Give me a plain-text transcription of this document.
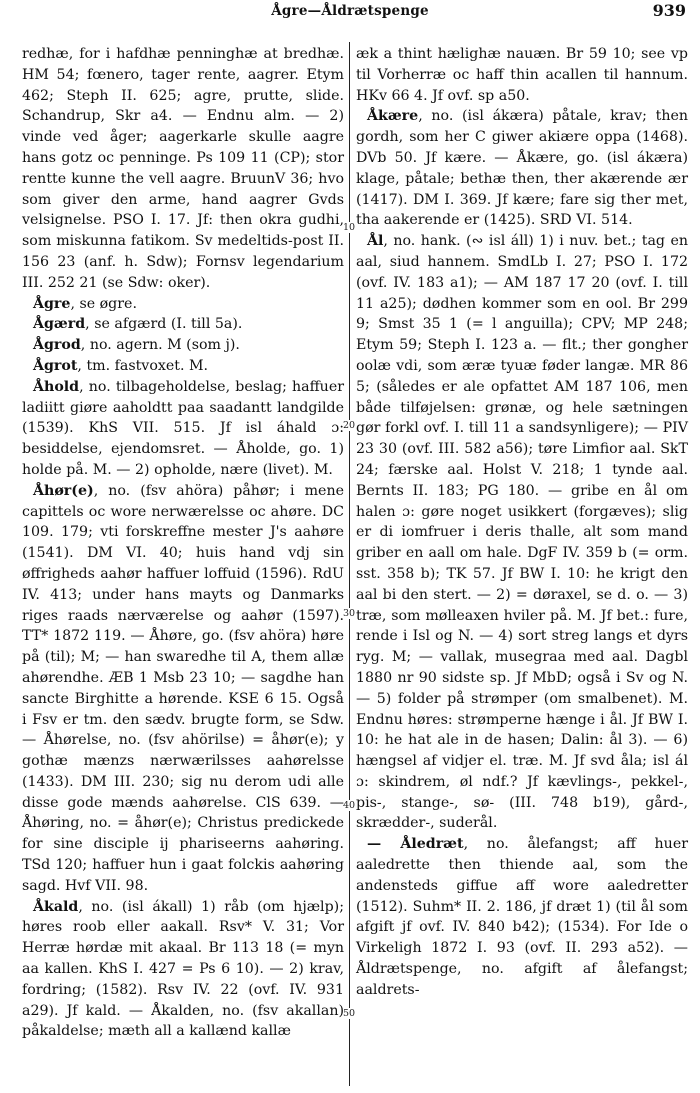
Ågre—Åldrætspenge	939
10
20
30
40
50

redhæ, for i hafdhæ penninghæ at bredhæ. HM 54; fœnero, tager rente, aagrer. Etym 462; Steph II. 625; agre, prutte, slide. Schandrup, Skr a4. — Endnu alm. — 2) vinde ved åger; aagerkarle skulle aagre hans gotz oc penninge. Ps 109 11 (CP); stor rentte kunne the vell aagre. BruunV 36; hvo som giver den arme, hand aagrer Gvds velsignelse. PSO I. 17. Jf: then okra gudhi, som miskunna fatikom. Sv medeltids-post II. 156 23 (anf. h. Sdw); Fornsv legendarium III. 252 21 (se Sdw: oker).

Ågre, se øgre.

Ågærd, se afgærd (I. till 5a).

Ågrod, no. agern. M (som j).

Ågrot, tm. fastvoxet. M.

Åhold, no. tilbageholdelse, beslag; haffuer ladiitt giøre aaholdtt paa saadantt landgilde (1539). KhS VII. 515. Jf isl áhald ɔ: besiddelse, ejendomsret. — Åholde, go. 1) holde på. M. — 2) opholde, nære (livet). M.

Åhør(e), no. (fsv ahöra) påhør; i mene capittels oc wore nerwærelsse oc ahøre. DC 109. 179; vti forskreffne mester J's aahøre (1541). DM VI. 40; huis hand vdj sin øffrigheds aahør haffuer loffuid (1596). RdU IV. 413; under hans mayts og Danmarks riges raads nærværelse og aahør (1597). TT* 1872 119. — Åhøre, go. (fsv ahöra) høre på (til); M; — han swaredhe til A, them allæ ahørendhe. ÆB 1 Msb 23 10; — sagdhe han sancte Birghitte a hørende. KSE 6 15. Også i Fsv er tm. den sædv. brugte form, se Sdw. — Åhørelse, no. (fsv ahörilse) = åhør(e); y gothæ mænzs nærwærilsses aahørelsse (1433). DM III. 230; sig nu derom udi alle disse gode mænds aahørelse. ClS 639. — Åhøring, no. = åhør(e); Christus predickede for sine disciple ij phariseerns aahøring. TSd 120; haffuer hun i gaat folckis aahøring sagd. Hvf VII. 98.

Åkald, no. (isl ákall) 1) råb (om hjælp); høres roob eller aakall. Rsv* V. 31; Vor Herræ hørdæ mit akaal. Br 113 18 (= myn aa kallen. KhS I. 427 = Ps 6 10). — 2) krav, fordring; (1582). Rsv IV. 22 (ovf. IV. 931 a29). Jf kald. — Åkalden, no. (fsv akallan) påkaldelse; mæth all a kallænd kallæ

æk a thint hælighæ nauæn. Br 59 10; see vp til Vorherræ oc haff thin acallen til hannum. HKv 66 4. Jf ovf. sp a50.

Åkære, no. (isl ákæra) påtale, krav; then gordh, som her C giwer akiære oppa (1468). DVb 50. Jf kære. — Åkære, go. (isl ákæra) klage, påtale; bethæ then, ther akærende ær (1417). DM I. 369. Jf kære; fare sig ther met, tha aakerende er (1425). SRD VI. 514.

Ål, no. hank. (∾ isl áll) 1) i nuv. bet.; tag en aal, siud hannem. SmdLb I. 27; PSO I. 172 (ovf. IV. 183 a1); — AM 187 17 20 (ovf. I. till 11 a25); dødhen kommer som en ool. Br 299 9; Smst 35 1 (= l anguilla); CPV; MP 248; Etym 59; Steph I. 123 a. — flt.; ther gongher oolæ vdi, som æræ tyuæ føder langæ. MR 86 5; (således er ale opfattet AM 187 106, men både tilføjelsen: grønæ, og hele sætningen gør forkl ovf. I. till 11 a sandsynligere); — PIV 23 30 (ovf. III. 582 a56); tøre Limfior aal. SkT 24; færske aal. Holst V. 218; 1 tynde aal. Bernts II. 183; PG 180. — gribe en ål om halen ɔ: gøre noget usikkert (forgæves); slig er di iomfruer i deris thalle, alt som mand griber en aall om hale. DgF IV. 359 b (= orm. sst. 358 b); TK 57. Jf BW I. 10: he krigt den aal bi den stert. — 2) = døraxel, se d. o. — 3) træ, som mølleaxen hviler på. M. Jf bet.: fure, rende i Isl og N. — 4) sort streg langs et dyrs ryg. M; — vallak, musegraa med aal. Dagbl 1880 nr 90 sidste sp. Jf MbD; også i Sv og N. — 5) folder på strømper (om smalbenet). M. Endnu høres: strømperne hænge i ål. Jf BW I. 10: he hat ale in de hasen; Dalin: ål 3). — 6) hængsel af vidjer el. træ. M. Jf svd åla; isl ál ɔ: skindrem, øl ndf.? Jf kævlings-, pekkel-, pis-, stange-, sø- (III. 748 b19), gård-, skrædder-, suderål.

— Åledræt, no. ålefangst; aff huer aaledrette then thiende aal, som the andensteds giffue aff wore aaledretter (1512). Suhm* II. 2. 186, jf dræt 1) (til ål som afgift jf ovf. IV. 840 b42); (1534). For Ide o Virkeligh 1872 I. 93 (ovf. II. 293 a52). — Åldrætspenge, no. afgift af ålefangst; aaldrets-
